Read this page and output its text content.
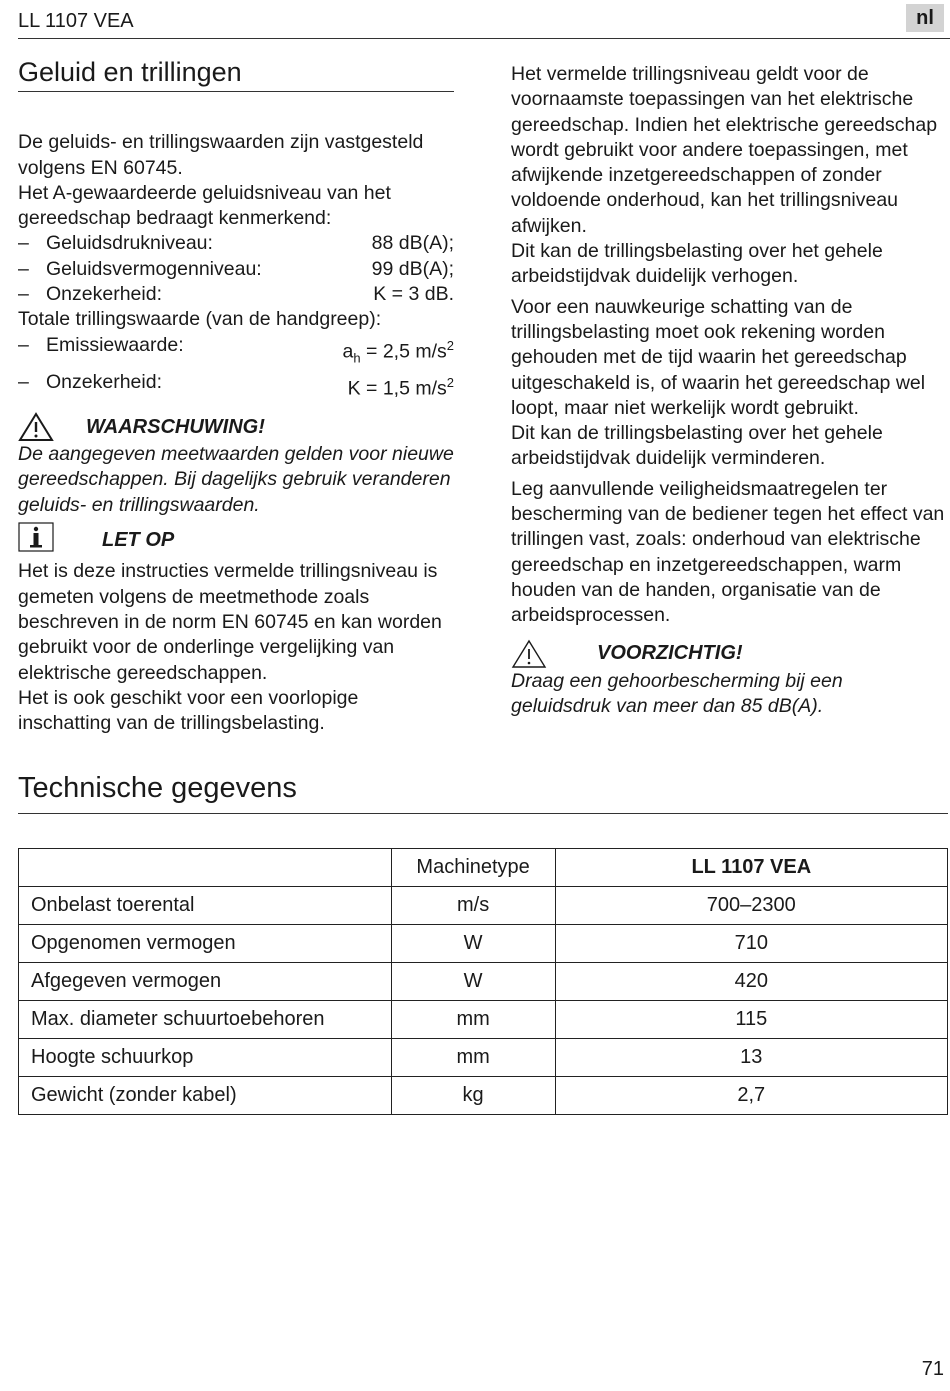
LL 1107 VEA	nl
Geluid en trillingen

De geluids- en trillingswaarden zijn vastgesteld volgens EN 60745.

Het A-gewaardeerde geluidsniveau van het gereedschap bedraagt kenmerkend:

– Geluidsdrukniveau:	88 dB(A);
– Geluidsvermogenniveau:	99 dB(A);
– Onzekerheid:	K = 3 dB.

Totale trillingswaarde (van de handgreep):

– Emissiewaarde:	$a_h = 2,5$ $m/s^2$
– Onzekerheid:	K = 1,5 $m/s^2$
WAARSCHUWING!

De aangegeven meetwaarden gelden voor nieuwe gereedschappen. Bij dagelijks gebruik veranderen geluids- en trillingswaarden.

LET OP

Het is deze instructies vermelde trillingsniveau is gemeten volgens de meetmethode zoals beschreven in de norm EN 60745 en kan worden gebruikt voor de onderlinge vergelijking van elektrische gereedschappen.

Het is ook geschikt voor een voorlopige inschatting van de trillingsbelasting.

Het vermelde trillingsniveau geldt voor de voornaamste toepassingen van het elektrische gereedschap. Indien het elektrische gereedschap wordt gebruikt voor andere toepassingen, met afwijkende inzetgereedschappen of zonder voldoende onderhoud, kan het trillingsniveau afwijken.

Dit kan de trillingsbelasting over het gehele arbeidstijdvak duidelijk verhogen.

Voor een nauwkeurige schatting van de trillingsbelasting moet ook rekening worden gehouden met de tijd waarin het gereedschap uitgeschakeld is, of waarin het gereedschap wel loopt, maar niet werkelijk wordt gebruikt.

Dit kan de trillingsbelasting over het gehele arbeidstijdvak duidelijk verminderen.

Leg aanvullende veiligheidsmaatregelen ter bescherming van de bediener tegen het effect van trillingen vast, zoals: onderhoud van elektrische gereedschap en inzetgereedschappen, warm houden van de handen, organisatie van de arbeidsprocessen.

VOORZICHTIG!

Draag een gehoorbescherming bij een geluidsdruk van meer dan 85 dB(A).

Technische gegevens
	Machinetype	LL 1107 VEA
Onbelast toerental	m/s	700–2300
Opgenomen vermogen	W	710
Afgegeven vermogen	W	420
Max. diameter schuurtoebehoren	mm	115
Hoogte schuurkop	mm	13
Gewicht (zonder kabel)	kg	2,7
71
